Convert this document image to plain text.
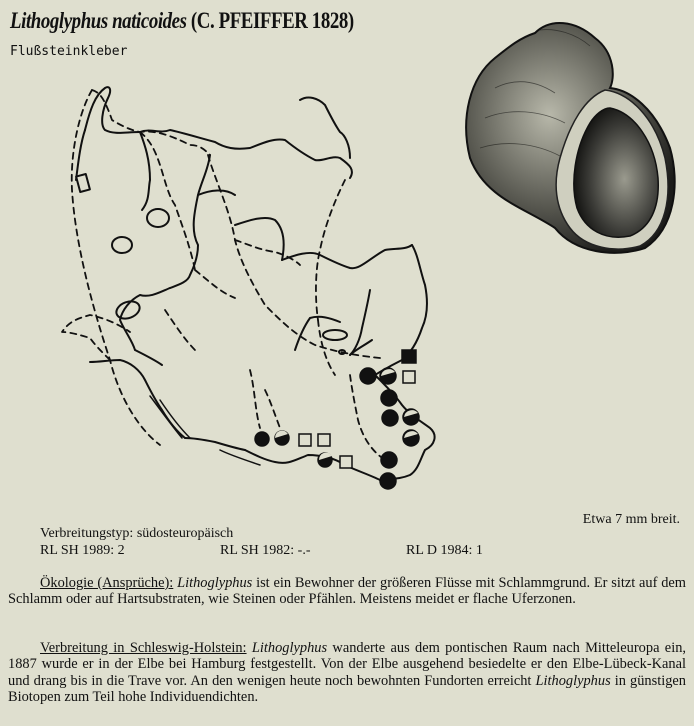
Lithoglyphus naticoides (C. PFEIFFER 1828)
Flußsteinkleber
Etwa 7 mm breit.
Verbreitungstyp: südosteuropäisch
RL SH 1989: 2	RL SH 1982: -.-	RL D 1984: 1
Ökologie (Ansprüche): Lithoglyphus ist ein Bewohner der größeren Flüsse mit Schlammgrund. Er sitzt auf dem Schlamm oder auf Hartsubstraten, wie Steinen oder Pfählen. Meistens meidet er flache Uferzonen.
Verbreitung in Schleswig-Holstein: Lithoglyphus wanderte aus dem pontischen Raum nach Mitteleuropa ein, 1887 wurde er in der Elbe bei Hamburg festgestellt. Von der Elbe ausgehend besiedelte er den Elbe-Lübeck-Kanal und drang bis in die Trave vor. An den wenigen heute noch bewohnten Fundorten erreicht Lithoglyphus in günstigen Biotopen zum Teil hohe Individuendichten.
